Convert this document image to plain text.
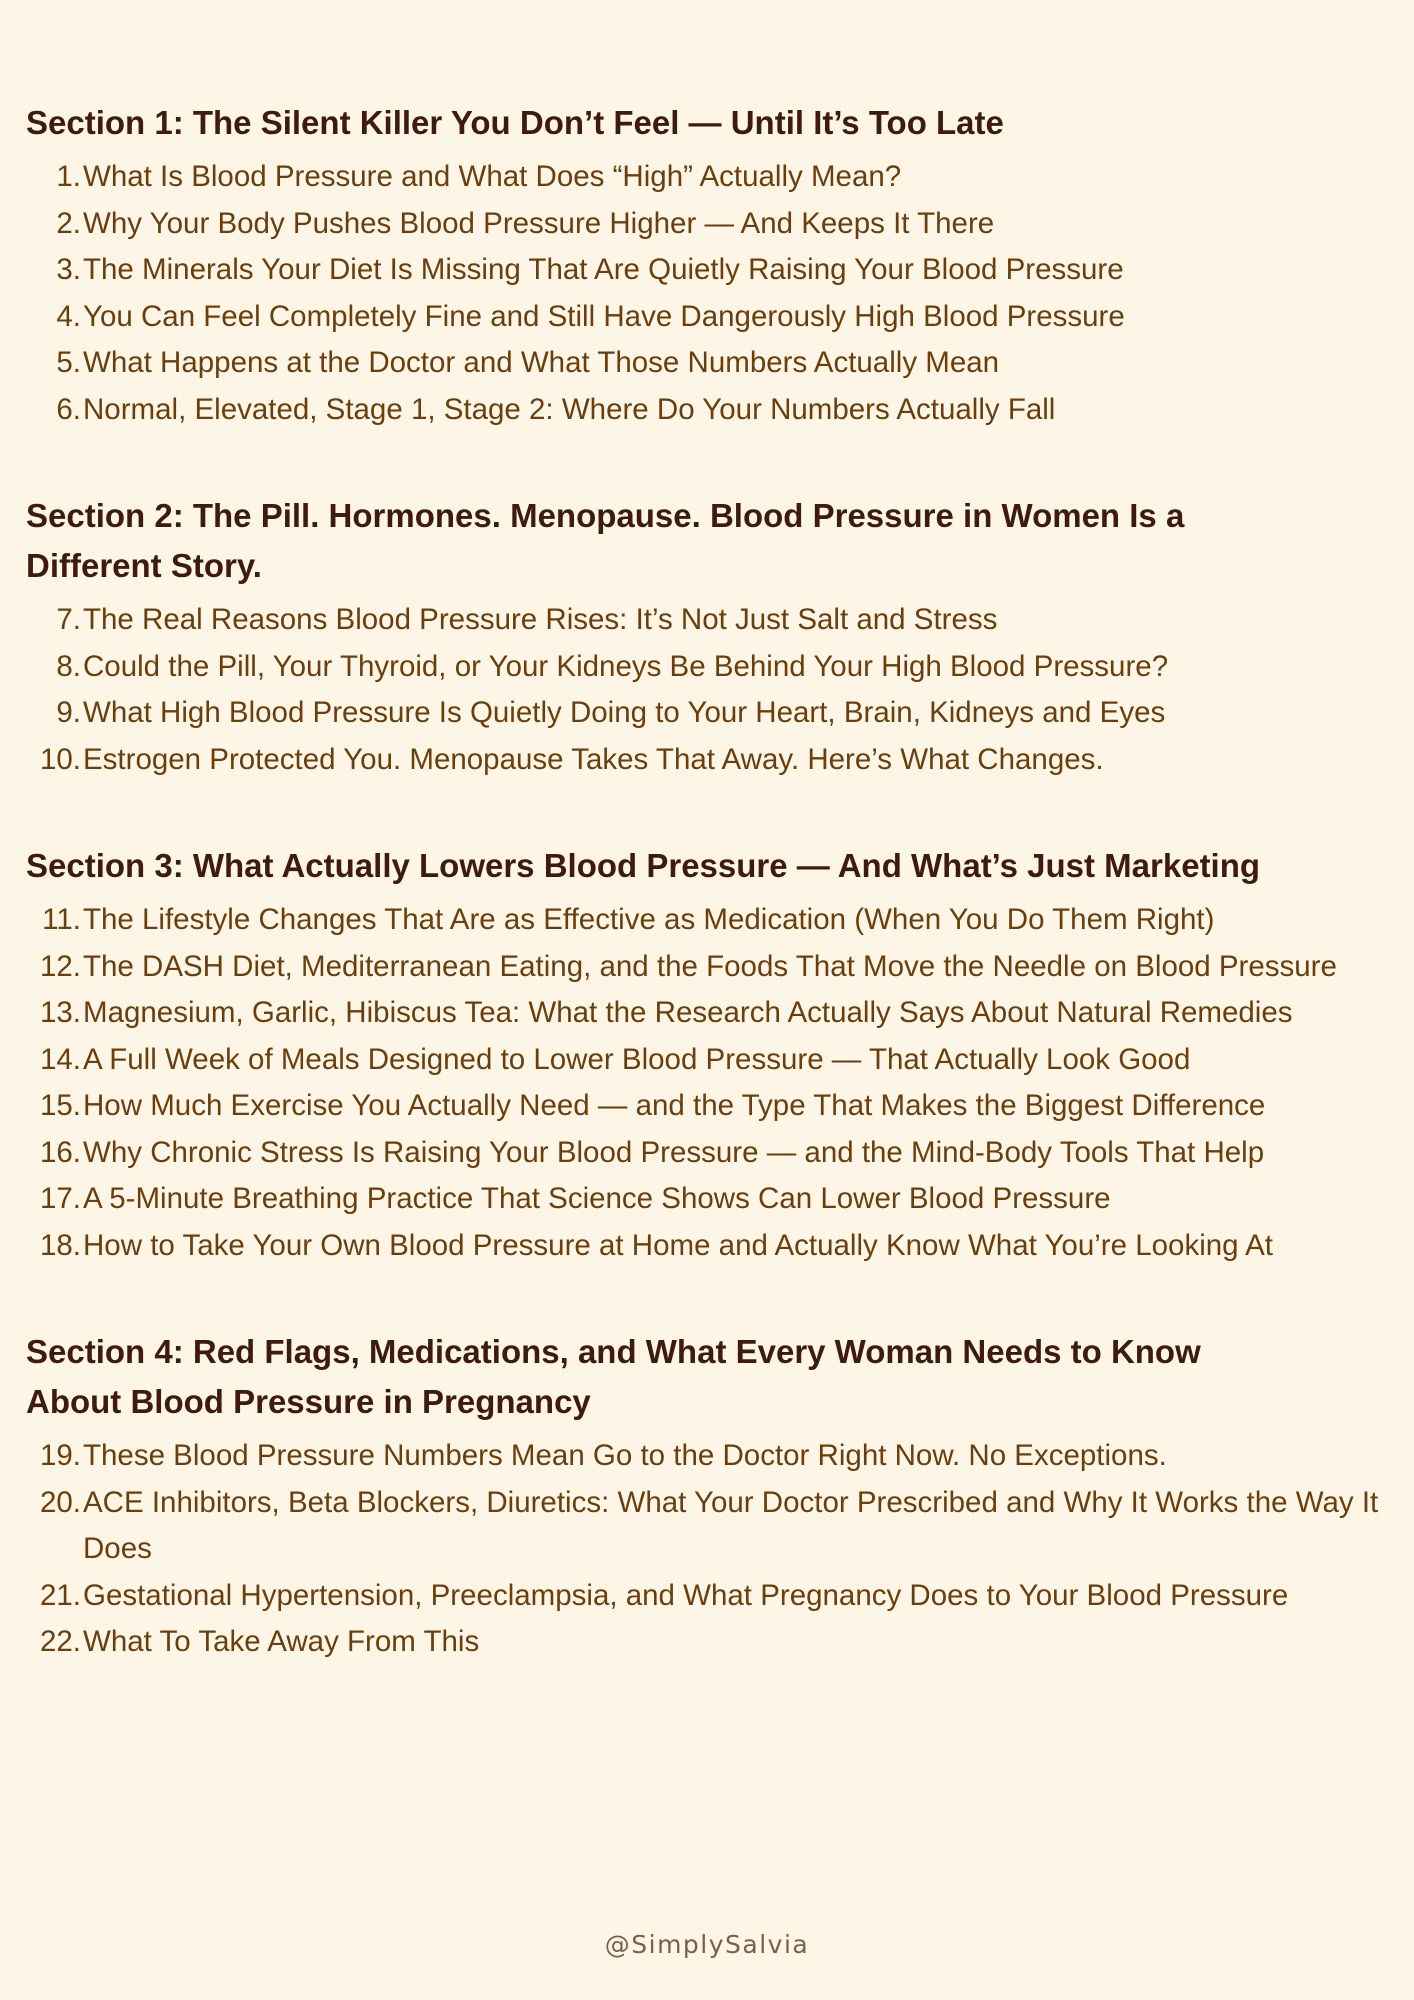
Section 1: The Silent Killer You Don’t Feel — Until It’s Too Late
1. What Is Blood Pressure and What Does “High” Actually Mean?
2. Why Your Body Pushes Blood Pressure Higher — And Keeps It There
3. The Minerals Your Diet Is Missing That Are Quietly Raising Your Blood Pressure
4. You Can Feel Completely Fine and Still Have Dangerously High Blood Pressure
5. What Happens at the Doctor and What Those Numbers Actually Mean
6. Normal, Elevated, Stage 1, Stage 2: Where Do Your Numbers Actually Fall
Section 2: The Pill. Hormones. Menopause. Blood Pressure in Women Is a Different Story.
7. The Real Reasons Blood Pressure Rises: It’s Not Just Salt and Stress
8. Could the Pill, Your Thyroid, or Your Kidneys Be Behind Your High Blood Pressure?
9. What High Blood Pressure Is Quietly Doing to Your Heart, Brain, Kidneys and Eyes
10. Estrogen Protected You. Menopause Takes That Away. Here’s What Changes.
Section 3: What Actually Lowers Blood Pressure — And What’s Just Marketing
11. The Lifestyle Changes That Are as Effective as Medication (When You Do Them Right)
12. The DASH Diet, Mediterranean Eating, and the Foods That Move the Needle on Blood Pressure
13. Magnesium, Garlic, Hibiscus Tea: What the Research Actually Says About Natural Remedies
14. A Full Week of Meals Designed to Lower Blood Pressure — That Actually Look Good
15. How Much Exercise You Actually Need — and the Type That Makes the Biggest Difference
16. Why Chronic Stress Is Raising Your Blood Pressure — and the Mind-Body Tools That Help
17. A 5-Minute Breathing Practice That Science Shows Can Lower Blood Pressure
18. How to Take Your Own Blood Pressure at Home and Actually Know What You’re Looking At
Section 4: Red Flags, Medications, and What Every Woman Needs to Know About Blood Pressure in Pregnancy
19. These Blood Pressure Numbers Mean Go to the Doctor Right Now. No Exceptions.
20. ACE Inhibitors, Beta Blockers, Diuretics: What Your Doctor Prescribed and Why It Works the Way It Does
21. Gestational Hypertension, Preeclampsia, and What Pregnancy Does to Your Blood Pressure
22. What To Take Away From This
@SimplySalvia
